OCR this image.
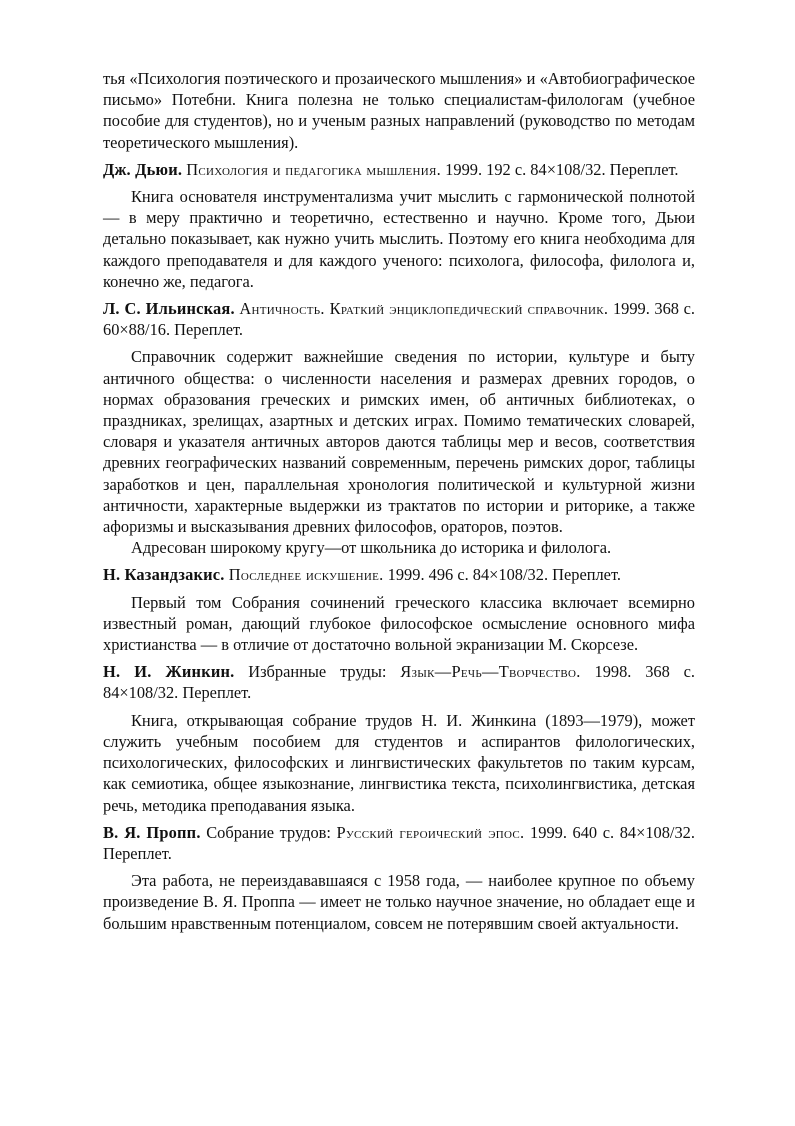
тья «Психология поэтического и прозаического мышления» и «Автобиографическое письмо» Потебни. Книга полезна не только специалистам-филологам (учебное пособие для студентов), но и ученым разных направлений (руководство по методам теоретического мышления).

Дж. Дьюи. Психология и педагогика мышления. 1999. 192 с. 84×108/32. Переплет.

Книга основателя инструментализма учит мыслить с гармонической полнотой — в меру практично и теоретично, естественно и научно. Кроме того, Дьюи детально показывает, как нужно учить мыслить. Поэтому его книга необходима для каждого преподавателя и для каждого ученого: психолога, философа, филолога и, конечно же, педагога.

Л. С. Ильинская. Античность. Краткий энциклопедический справочник. 1999. 368 с. 60×88/16. Переплет.

Справочник содержит важнейшие сведения по истории, культуре и быту античного общества: о численности населения и размерах древних городов, о нормах образования греческих и римских имен, об античных библиотеках, о праздниках, зрелищах, азартных и детских играх. Помимо тематических словарей, словаря и указателя античных авторов даются таблицы мер и весов, соответствия древних географических названий современным, перечень римских дорог, таблицы заработков и цен, параллельная хронология политической и культурной жизни античности, характерные выдержки из трактатов по истории и риторике, а также афоризмы и высказывания древних философов, ораторов, поэтов.

Адресован широкому кругу—от школьника до историка и филолога.

Н. Казандзакис. Последнее искушение. 1999. 496 с. 84×108/32. Переплет.

Первый том Собрания сочинений греческого классика включает всемирно известный роман, дающий глубокое философское осмысление основного мифа христианства — в отличие от достаточно вольной экранизации М. Скорсезе.

Н. И. Жинкин. Избранные труды: Язык—Речь—Творчество. 1998. 368 с. 84×108/32. Переплет.

Книга, открывающая собрание трудов Н. И. Жинкина (1893—1979), может служить учебным пособием для студентов и аспирантов филологических, психологических, философских и лингвистических факультетов по таким курсам, как семиотика, общее языкознание, лингвистика текста, психолингвистика, детская речь, методика преподавания языка.

В. Я. Пропп. Собрание трудов: Русский героический эпос. 1999. 640 с. 84×108/32. Переплет.

Эта работа, не переиздававшаяся с 1958 года, — наиболее крупное по объему произведение В. Я. Проппа — имеет не только научное значение, но обладает еще и большим нравственным потенциалом, совсем не потерявшим своей актуальности.
